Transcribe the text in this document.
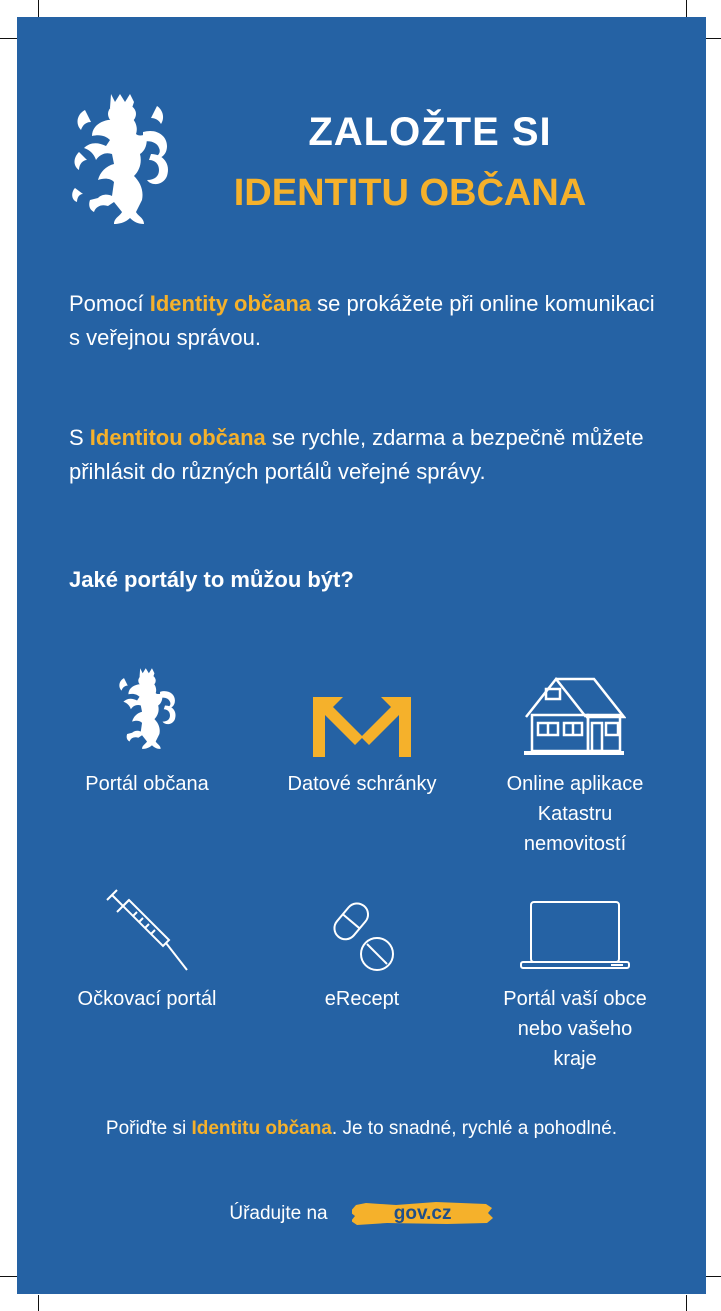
ZALOŽTE SI
IDENTITU OBČANA
Pomocí Identity občana se prokážete při online komunikaci s veřejnou správou.
S Identitou občana se rychle, zdarma a bezpečně můžete přihlásit do různých portálů veřejné správy.
Jaké portály to můžou být?
Portál občana	Datové schránky	Online aplikace
Katastru
nemovitostí
Očkovací portál	eRecept	Portál vaší obce
nebo vašeho
kraje
Pořiďte si Identitu občana. Je to snadné, rychlé a pohodlné.
Úřadujte na	gov.cz
